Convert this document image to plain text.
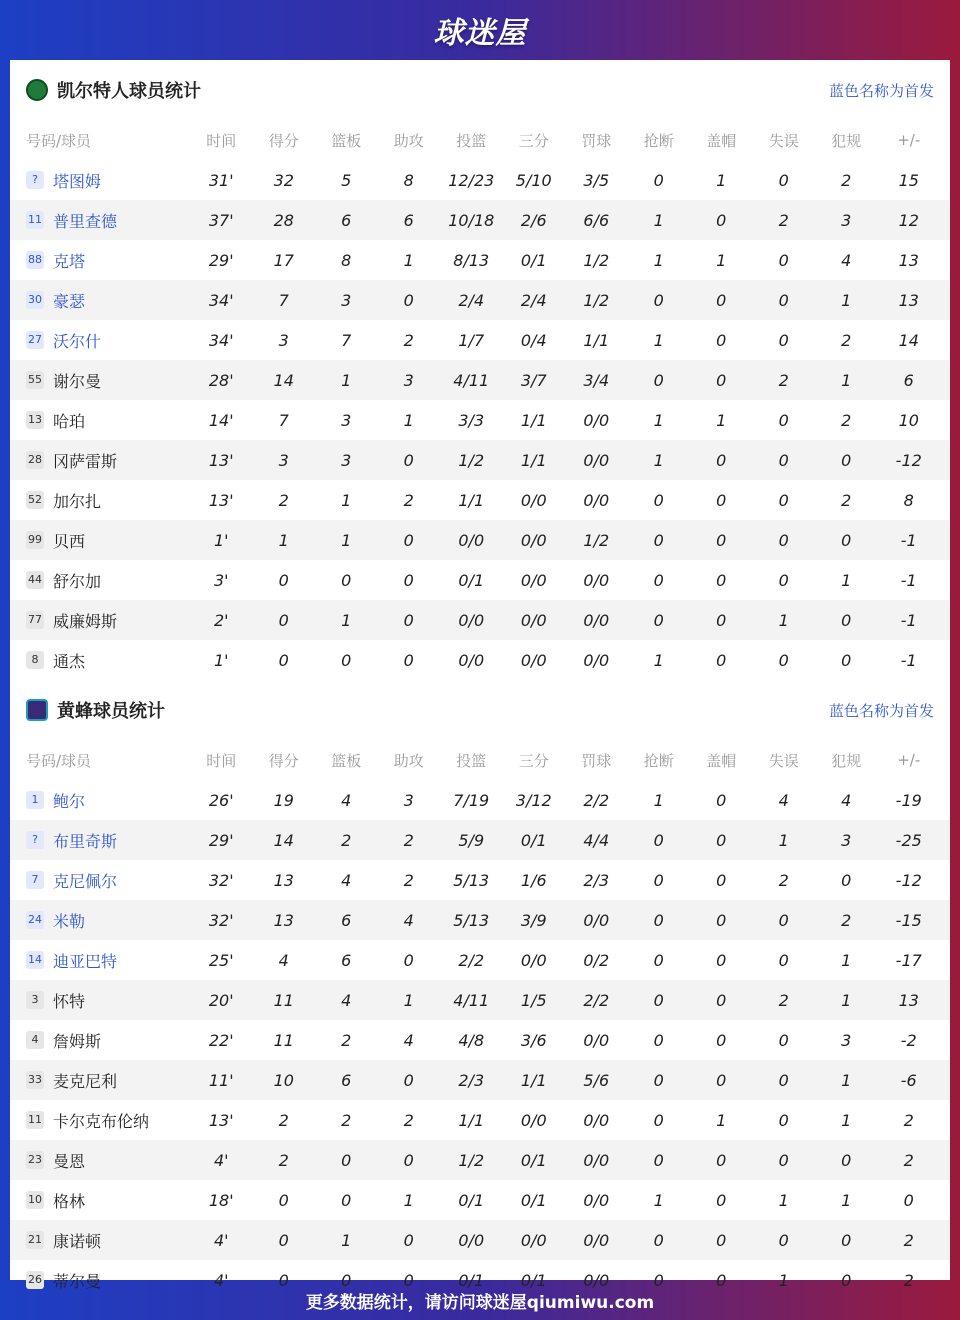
球迷屋
凯尔特人球员统计	蓝色名称为首发
号码/球员	时间	得分	篮板	助攻	投篮	三分	罚球	抢断	盖帽	失误	犯规	+/-
? 塔图姆	31'	32	5	8	12/23	5/10	3/5	0	1	0	2	15
11 普里查德	37'	28	6	6	10/18	2/6	6/6	1	0	2	3	12
88 克塔	29'	17	8	1	8/13	0/1	1/2	1	1	0	4	13
30 豪瑟	34'	7	3	0	2/4	2/4	1/2	0	0	0	1	13
27 沃尔什	34'	3	7	2	1/7	0/4	1/1	1	0	0	2	14
55 谢尔曼	28'	14	1	3	4/11	3/7	3/4	0	0	2	1	6
13 哈珀	14'	7	3	1	3/3	1/1	0/0	1	1	0	2	10
28 冈萨雷斯	13'	3	3	0	1/2	1/1	0/0	1	0	0	0	-12
52 加尔扎	13'	2	1	2	1/1	0/0	0/0	0	0	0	2	8
99 贝西	1'	1	1	0	0/0	0/0	1/2	0	0	0	0	-1
44 舒尔加	3'	0	0	0	0/1	0/0	0/0	0	0	0	1	-1
77 威廉姆斯	2'	0	1	0	0/0	0/0	0/0	0	0	1	0	-1
8 通杰	1'	0	0	0	0/0	0/0	0/0	1	0	0	0	-1
黄蜂球员统计	蓝色名称为首发
号码/球员	时间	得分	篮板	助攻	投篮	三分	罚球	抢断	盖帽	失误	犯规	+/-
1 鲍尔	26'	19	4	3	7/19	3/12	2/2	1	0	4	4	-19
? 布里奇斯	29'	14	2	2	5/9	0/1	4/4	0	0	1	3	-25
7 克尼佩尔	32'	13	4	2	5/13	1/6	2/3	0	0	2	0	-12
24 米勒	32'	13	6	4	5/13	3/9	0/0	0	0	0	2	-15
14 迪亚巴特	25'	4	6	0	2/2	0/0	0/2	0	0	0	1	-17
3 怀特	20'	11	4	1	4/11	1/5	2/2	0	0	2	1	13
4 詹姆斯	22'	11	2	4	4/8	3/6	0/0	0	0	0	3	-2
33 麦克尼利	11'	10	6	0	2/3	1/1	5/6	0	0	0	1	-6
11 卡尔克布伦纳	13'	2	2	2	1/1	0/0	0/0	0	1	0	1	2
23 曼恩	4'	2	0	0	1/2	0/1	0/0	0	0	0	0	2
10 格林	18'	0	0	1	0/1	0/1	0/0	1	0	1	1	0
21 康诺顿	4'	0	1	0	0/0	0/0	0/0	0	0	0	0	2
26 蒂尔曼	4'	0	0	0	0/1	0/1	0/0	0	0	1	0	2
更多数据统计，请访问球迷屋qiumiwu.com
